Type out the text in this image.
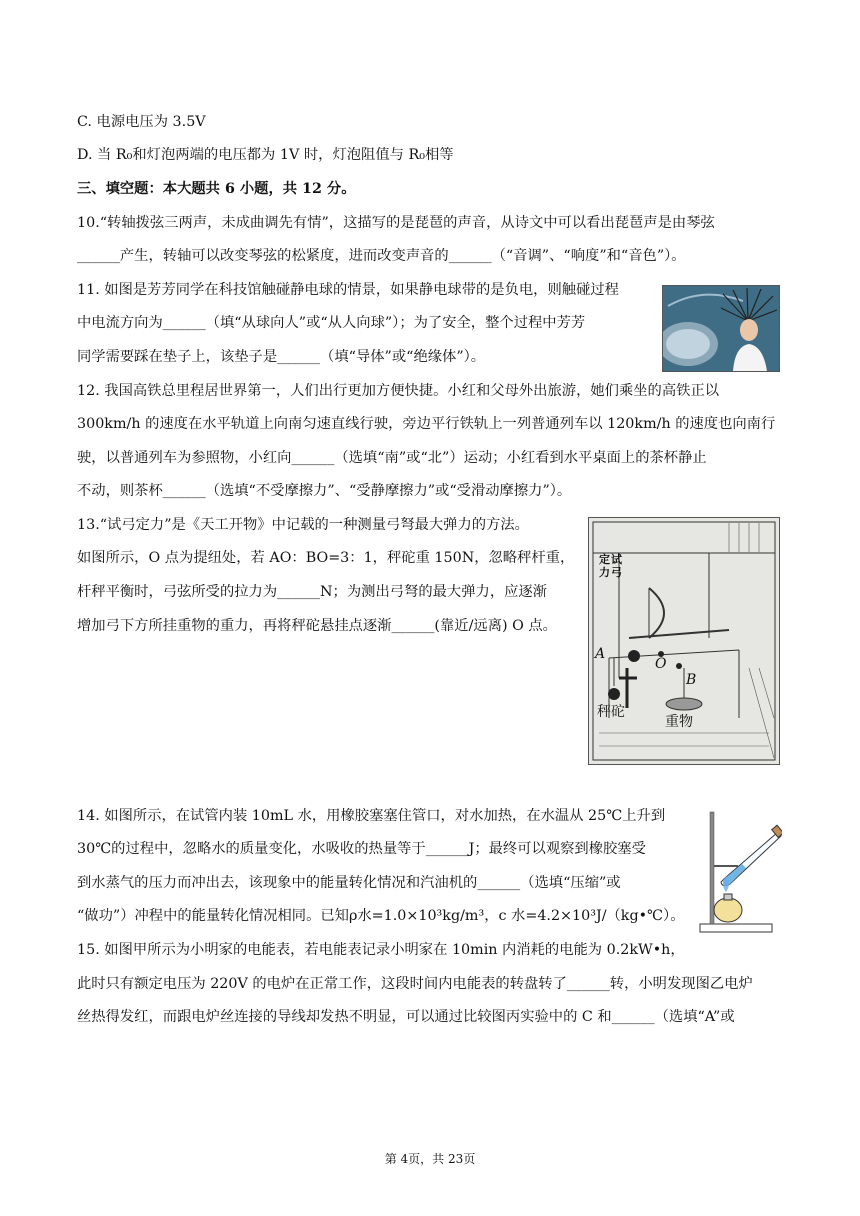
C. 电源电压为 3.5V
D. 当 R₀和灯泡两端的电压都为 1V 时，灯泡阻值与 R₀相等
三、填空题：本大题共 6 小题，共 12 分。
10.“转轴拨弦三两声，未成曲调先有情”，这描写的是琵琶的声音，从诗文中可以看出琵琶声是由琴弦
______产生，转轴可以改变琴弦的松紧度，进而改变声音的______（“音调”、“响度”和“音色”）。
11. 如图是芳芳同学在科技馆触碰静电球的情景，如果静电球带的是负电，则触碰过程
中电流方向为______（填“从球向人”或“从人向球”）；为了安全，整个过程中芳芳
同学需要踩在垫子上，该垫子是______（填“导体”或“绝缘体”）。
12. 我国高铁总里程居世界第一，人们出行更加方便快捷。小红和父母外出旅游，她们乘坐的高铁正以
300km/h 的速度在水平轨道上向南匀速直线行驶，旁边平行铁轨上一列普通列车以 120km/h 的速度也向南行
驶，以普通列车为参照物，小红向______（选填“南”或“北”）运动；小红看到水平桌面上的茶杯静止
不动，则茶杯______（选填“不受摩擦力”、“受静摩擦力”或“受滑动摩擦力”）。
13.“试弓定力”是《天工开物》中记载的一种测量弓弩最大弹力的方法。
如图所示，O 点为提纽处，若 AO：BO=3：1，秤砣重 150N，忽略秤杆重，
杆秤平衡时，弓弦所受的拉力为______N；为测出弓弩的最大弹力，应逐渐
增加弓下方所挂重物的重力，再将秤砣悬挂点逐渐______(靠近/远离) O 点。
14. 如图所示，在试管内装 10mL 水，用橡胶塞塞住管口，对水加热，在水温从 25℃上升到
30℃的过程中，忽略水的质量变化，水吸收的热量等于______J；最终可以观察到橡胶塞受
到水蒸气的压力而冲出去，该现象中的能量转化情况和汽油机的______（选填“压缩”或
“做功”）冲程中的能量转化情况相同。已知ρ水=1.0×10³kg/m³，c 水=4.2×10³J/（kg•℃）。
15. 如图甲所示为小明家的电能表，若电能表记录小明家在 10min 内消耗的电能为 0.2kW•h，
此时只有额定电压为 220V 的电炉在正常工作，这段时间内电能表的转盘转了______转，小明发现图乙电炉
丝热得发红，而跟电炉丝连接的导线却发热不明显，可以通过比较图丙实验中的 C 和______（选填“A”或
定
力
试
弓
A
O
B
秤砣
重物
第 4页，共 23页
